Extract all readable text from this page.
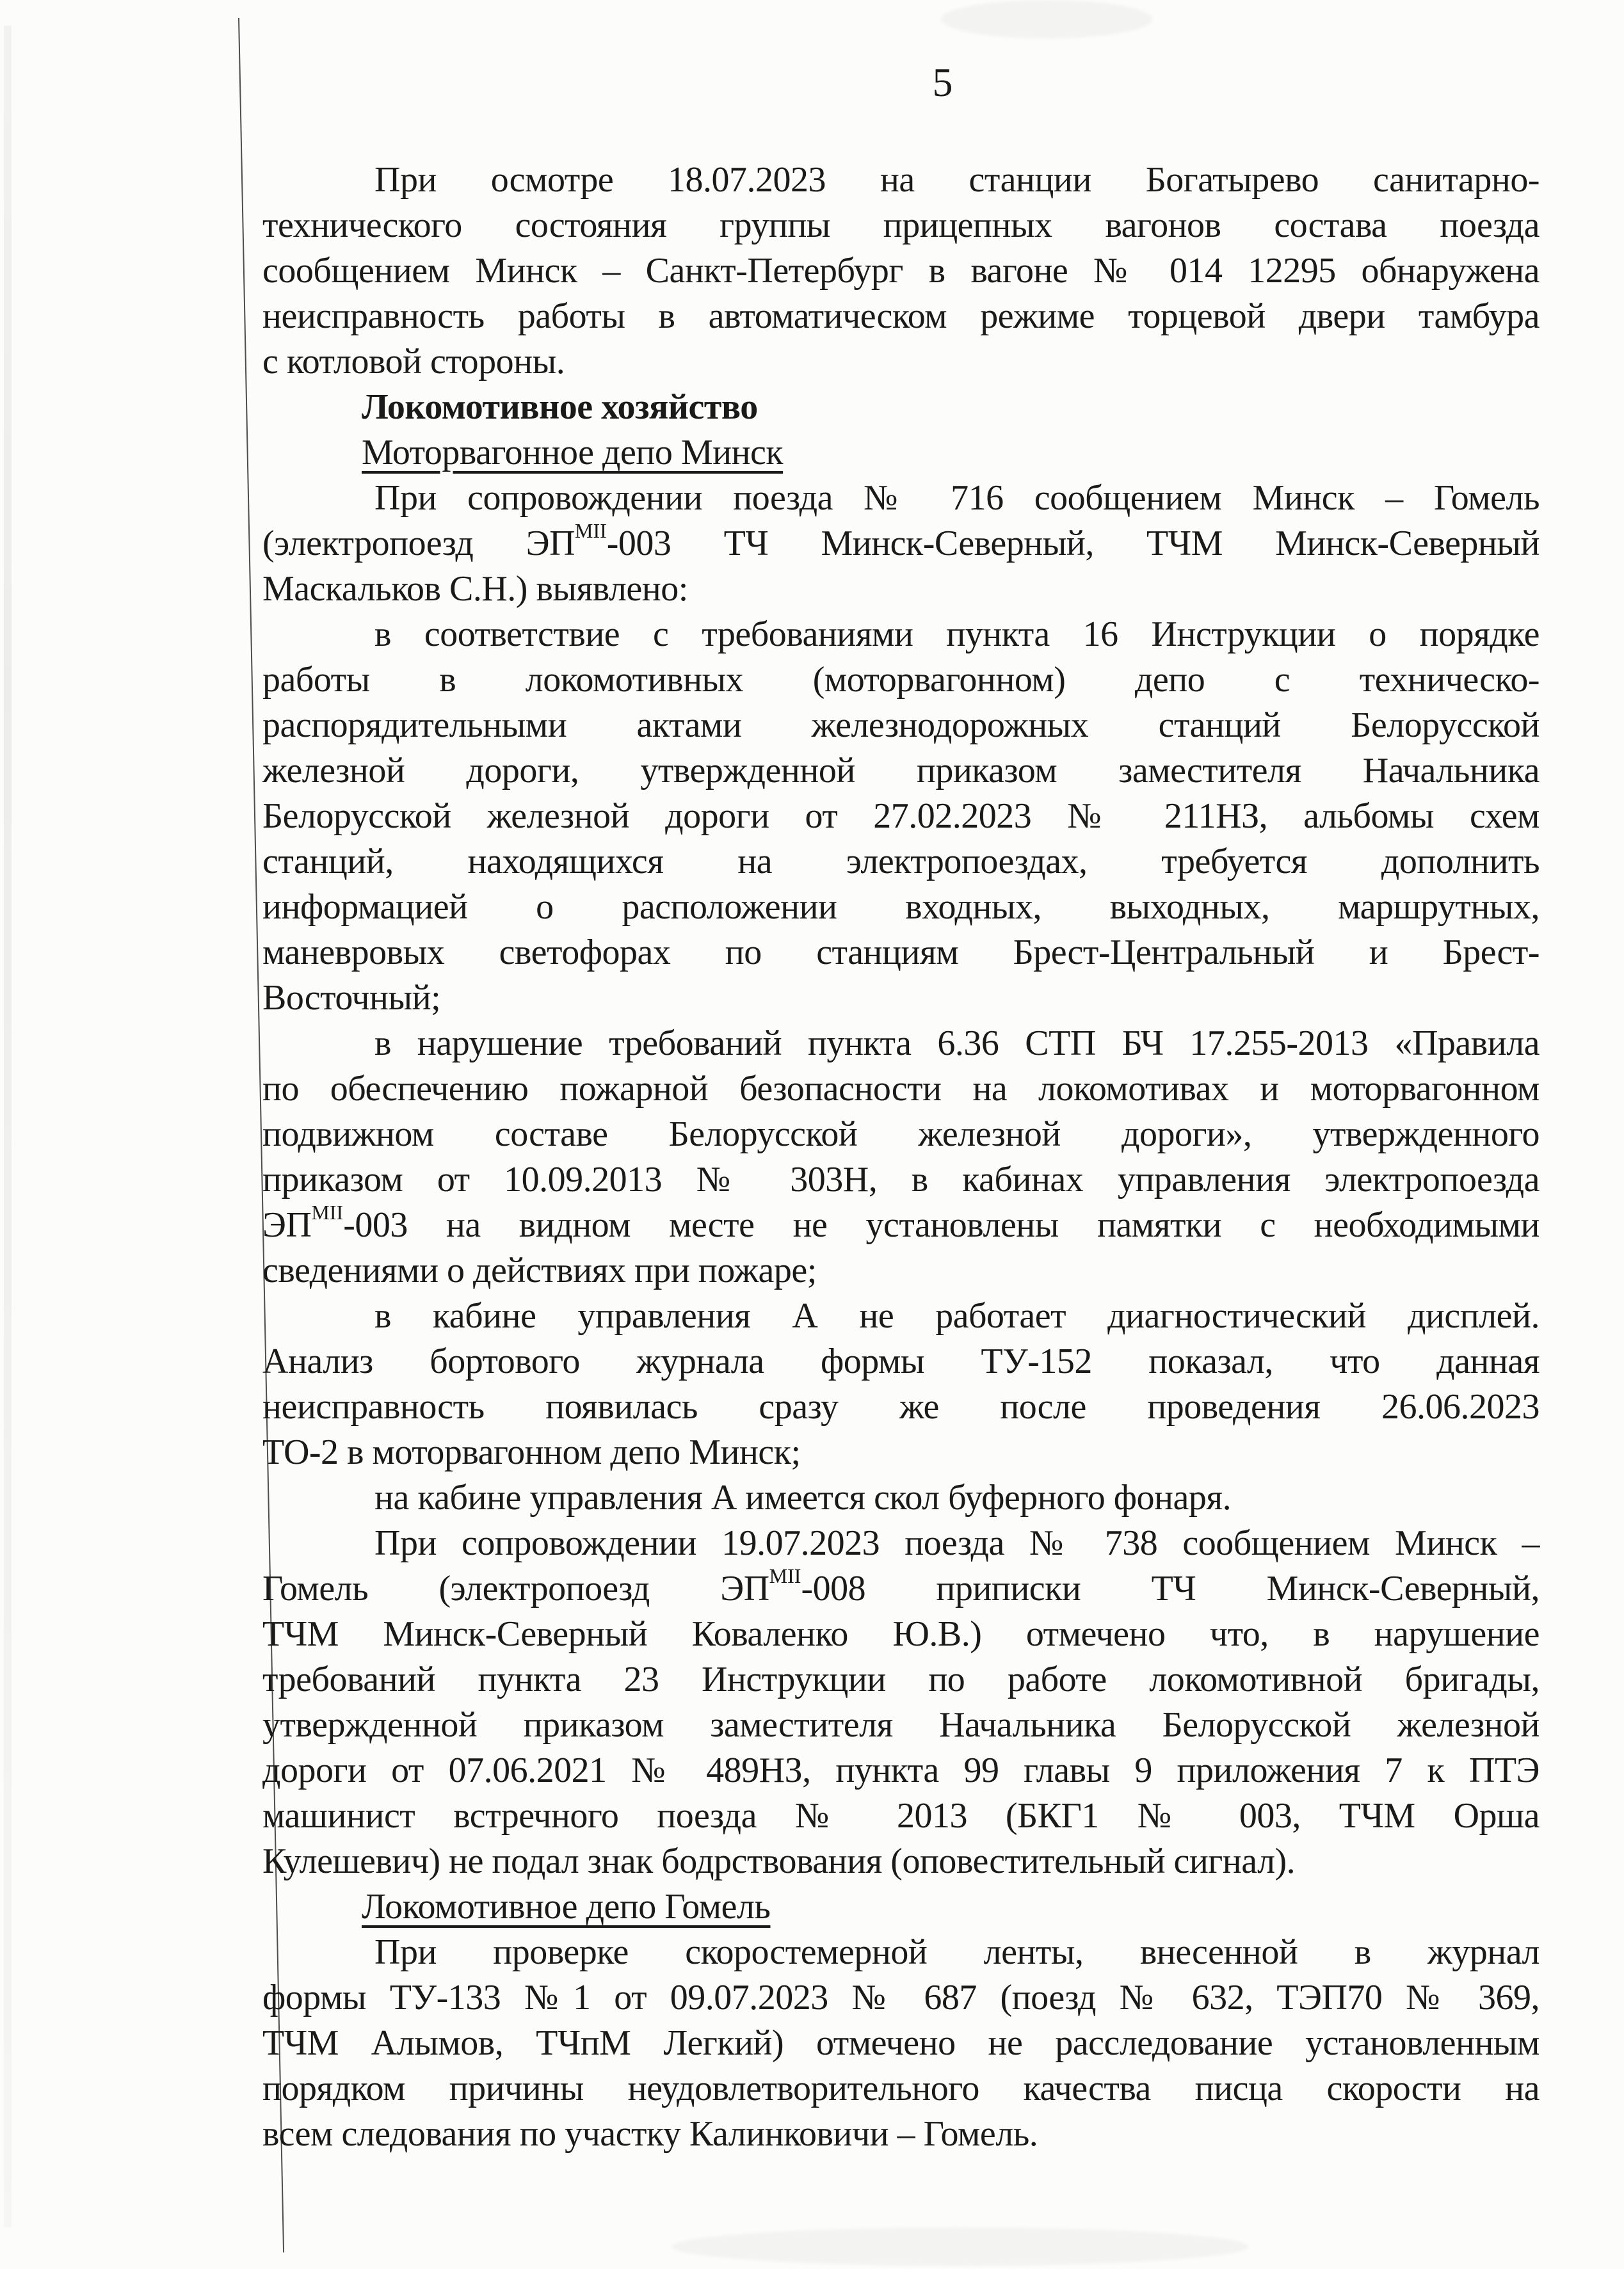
5
При осмотре 18.07.2023 на станции Богатырево санитарно-
технического состояния группы прицепных вагонов состава поезда
сообщением Минск – Санкт-Петербург в вагоне № 014 12295 обнаружена
неисправность работы в автоматическом режиме торцевой двери тамбура
с котловой стороны.
Локомотивное хозяйство
Моторвагонное депо Минск
При сопровождении поезда № 716 сообщением Минск – Гомель
(электропоезд $ЭП^{МII}-003$ ТЧ Минск-Северный, ТЧМ Минск-Северный
Маскальков С.Н.) выявлено:
в соответствие с требованиями пункта 16 Инструкции о порядке
работы в локомотивных (моторвагонном) депо с техническо-
распорядительными актами железнодорожных станций Белорусской
железной дороги, утвержденной приказом заместителя Начальника
Белорусской железной дороги от 27.02.2023 № 211НЗ, альбомы схем
станций, находящихся на электропоездах, требуется дополнить
информацией о расположении входных, выходных, маршрутных,
маневровых светофорах по станциям Брест-Центральный и Брест-
Восточный;
в нарушение требований пункта 6.36 СТП БЧ 17.255-2013 «Правила
по обеспечению пожарной безопасности на локомотивах и моторвагонном
подвижном составе Белорусской железной дороги», утвержденного
приказом от 10.09.2013 № 303Н, в кабинах управления электропоезда
$ЭП^{МII}-003$ на видном месте не установлены памятки с необходимыми
сведениями о действиях при пожаре;
в кабине управления А не работает диагностический дисплей.
Анализ бортового журнала формы ТУ-152 показал, что данная
неисправность появилась сразу же после проведения 26.06.2023
ТО-2 в моторвагонном депо Минск;
на кабине управления А имеется скол буферного фонаря.
При сопровождении 19.07.2023 поезда № 738 сообщением Минск –
Гомель (электропоезд $ЭП^{МII}-008$ приписки ТЧ Минск-Северный,
ТЧМ Минск-Северный Коваленко Ю.В.) отмечено что, в нарушение
требований пункта 23 Инструкции по работе локомотивной бригады,
утвержденной приказом заместителя Начальника Белорусской железной
дороги от 07.06.2021 № 489НЗ, пункта 99 главы 9 приложения 7 к ПТЭ
машинист встречного поезда № 2013 (БКГ1 № 003, ТЧМ Орша
Кулешевич) не подал знак бодрствования (оповестительный сигнал).
Локомотивное депо Гомель
При проверке скоростемерной ленты, внесенной в журнал
формы ТУ-133 №1 от 09.07.2023 № 687 (поезд № 632, ТЭП70 № 369,
ТЧМ Алымов, ТЧпМ Легкий) отмечено не расследование установленным
порядком причины неудовлетворительного качества писца скорости на
всем следования по участку Калинковичи – Гомель.
